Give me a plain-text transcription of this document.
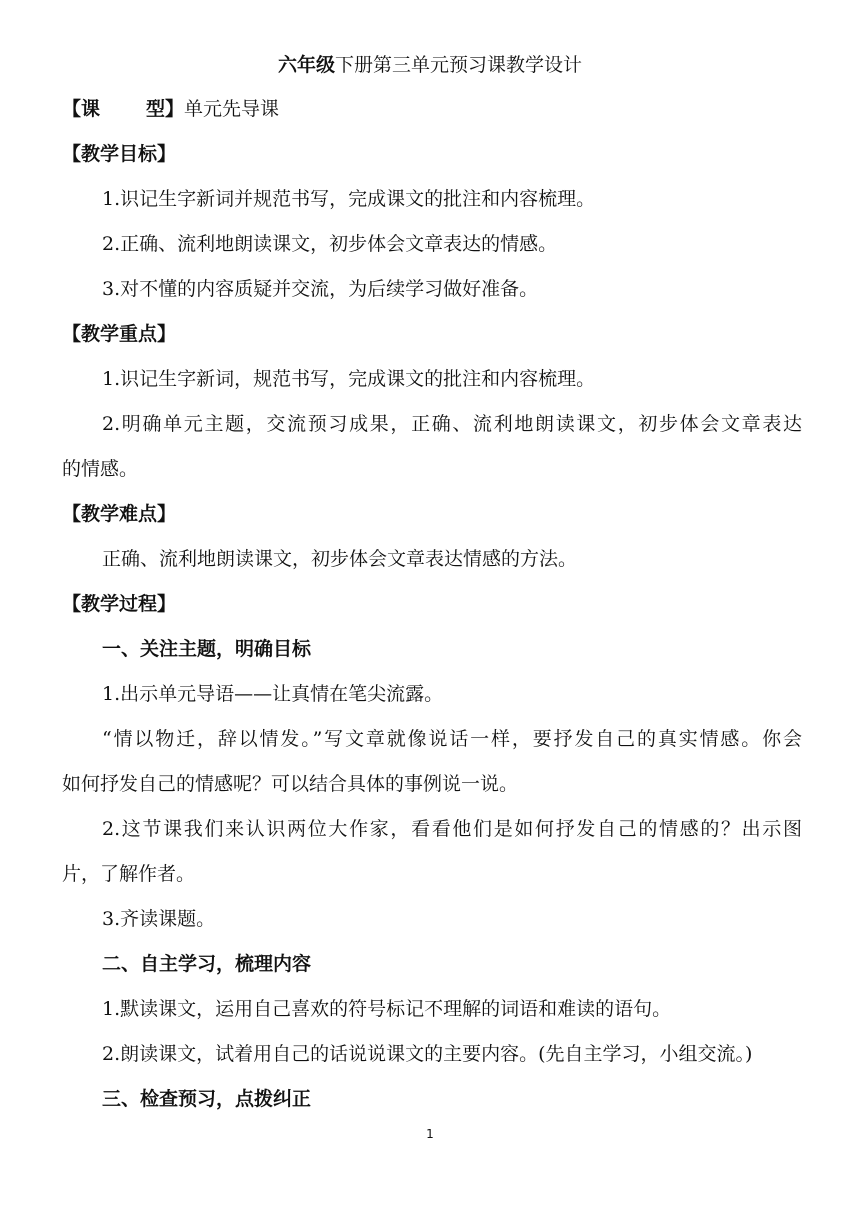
六年级下册第三单元预习课教学设计
【课 型】单元先导课
【教学目标】
1.识记生字新词并规范书写，完成课文的批注和内容梳理。
2.正确、流利地朗读课文，初步体会文章表达的情感。
3.对不懂的内容质疑并交流，为后续学习做好准备。
【教学重点】
1.识记生字新词，规范书写，完成课文的批注和内容梳理。
2.明确单元主题，交流预习成果，正确、流利地朗读课文，初步体会文章表达
的情感。
【教学难点】
正确、流利地朗读课文，初步体会文章表达情感的方法。
【教学过程】
一、关注主题，明确目标
1.出示单元导语——让真情在笔尖流露。
“情以物迁，辞以情发。”写文章就像说话一样，要抒发自己的真实情感。你会
如何抒发自己的情感呢？可以结合具体的事例说一说。
2.这节课我们来认识两位大作家，看看他们是如何抒发自己的情感的？出示图
片，了解作者。
3.齐读课题。
二、自主学习，梳理内容
1.默读课文，运用自己喜欢的符号标记不理解的词语和难读的语句。
2.朗读课文，试着用自己的话说说课文的主要内容。(先自主学习，小组交流。)
三、检查预习，点拨纠正
1
